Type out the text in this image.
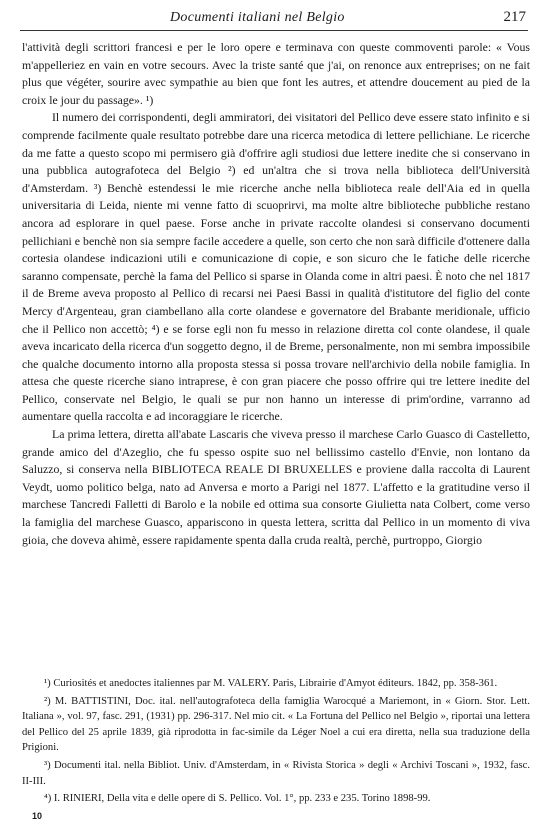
Documenti italiani nel Belgio	217

l'attività degli scrittori francesi e per le loro opere e terminava con queste commoventi parole: « Vous m'appelleriez en vain en votre secours. Avec la triste santé que j'ai, on renonce aux entreprises; on ne fait plus que végéter, sourire avec sympathie au bien que font les autres, et attendre doucement au pied de la croix le jour du passage». ¹)

Il numero dei corrispondenti, degli ammiratori, dei visitatori del Pellico deve essere stato infinito e si comprende facilmente quale resultato potrebbe dare una ricerca metodica di lettere pellichiane. Le ricerche da me fatte a questo scopo mi permisero già d'offrire agli studiosi due lettere inedite che si conservano in una pubblica autografoteca del Belgio ²) ed un'altra che si trova nella biblioteca dell'Università d'Amsterdam. ³) Benchè estendessi le mie ricerche anche nella biblioteca reale dell'Aia ed in quella universitaria di Leida, niente mi venne fatto di scuoprirvi, ma molte altre biblioteche pubbliche restano ancora ad esplorare in quel paese. Forse anche in private raccolte olandesi si conservano documenti pellichiani e benchè non sia sempre facile accedere a quelle, son certo che non sarà difficile d'ottenere dalla cortesia olandese indicazioni utili e comunicazione di copie, e son sicuro che le fatiche delle ricerche saranno compensate, perchè la fama del Pellico si sparse in Olanda come in altri paesi. È noto che nel 1817 il de Breme aveva proposto al Pellico di recarsi nei Paesi Bassi in qualità d'istitutore del figlio del conte Mercy d'Argenteau, gran ciambellano alla corte olandese e governatore del Brabante meridionale, ufficio che il Pellico non accettò; ⁴) e se forse egli non fu messo in relazione diretta col conte olandese, il quale aveva incaricato della ricerca d'un soggetto degno, il de Breme, personalmente, non mi sembra impossibile che qualche documento intorno alla proposta stessa si possa trovare nell'archivio della nobile famiglia. In attesa che queste ricerche siano intraprese, è con gran piacere che posso offrire qui tre lettere inedite del Pellico, conservate nel Belgio, le quali se pur non hanno un interesse di prim'ordine, varranno ad aumentare quella raccolta e ad incoraggiare le ricerche.

La prima lettera, diretta all'abate Lascaris che viveva presso il marchese Carlo Guasco di Castelletto, grande amico del d'Azeglio, che fu spesso ospite suo nel bellissimo castello d'Envie, non lontano da Saluzzo, si conserva nella BIBLIOTECA REALE DI BRUXELLES e proviene dalla raccolta di Laurent Veydt, uomo politico belga, nato ad Anversa e morto a Parigi nel 1877. L'affetto e la gratitudine verso il marchese Tancredi Falletti di Barolo e la nobile ed ottima sua consorte Giulietta nata Colbert, come verso la famiglia del marchese Guasco, appariscono in questa lettera, scritta dal Pellico in un momento di viva gioia, che doveva ahimè, essere rapidamente spenta dalla cruda realtà, perchè, purtroppo, Giorgio

¹) Curiosités et anedoctes italiennes par M. VALERY. Paris, Librairie d'Amyot éditeurs. 1842, pp. 358-361.

²) M. BATTISTINI, Doc. ital. nell'autografoteca della famiglia Warocqué a Mariemont, in « Giorn. Stor. Lett. Italiana », vol. 97, fasc. 291, (1931) pp. 296-317. Nel mio cit. « La Fortuna del Pellico nel Belgio », riportai una lettera del Pellico del 25 aprile 1839, già riprodotta in fac-simile da Léger Noel a cui era diretta, nella sua traduzione della Prigioni.

³) Documenti ital. nella Bibliot. Univ. d'Amsterdam, in « Rivista Storica » degli « Archivi Toscani », 1932, fasc. II-III.

⁴) I. RINIERI, Della vita e delle opere di S. Pellico. Vol. 1°, pp. 233 e 235. Torino 1898-99.

10
